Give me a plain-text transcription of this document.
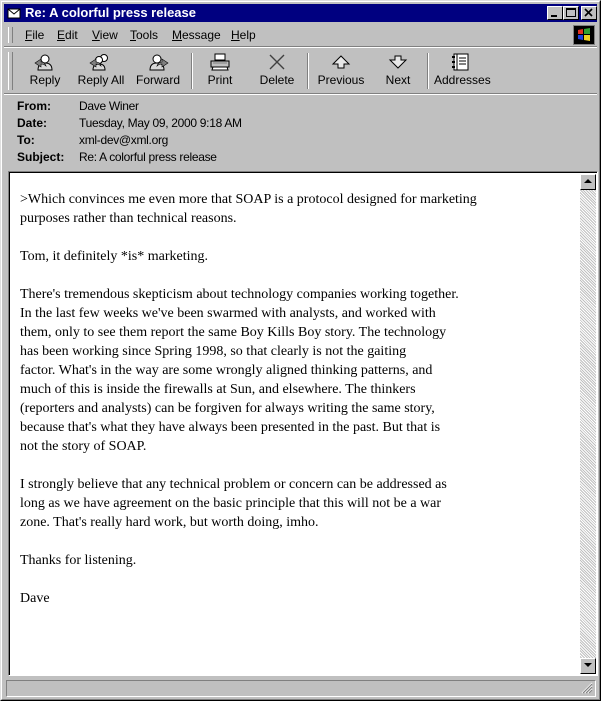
Re: A colorful press release
File Edit View Tools Message Help
Reply	Reply All Forward	Print	Delete	Previous	Next	Addresses
From: Dave Winer
Date:	Tuesday, May 09, 2000 9:18 AM
To:	xml-dev@xml.org
Subject: Re: A colorful press release
>Which convinces me even more that SOAP is a protocol designed for marketing
purposes rather than technical reasons.

Tom, it definitely *is* marketing.

There's tremendous skepticism about technology companies working together.
In the last few weeks we've been swarmed with analysts, and worked with
them, only to see them report the same Boy Kills Boy story. The technology
has been working since Spring 1998, so that clearly is not the gaiting
factor. What's in the way are some wrongly aligned thinking patterns, and
much of this is inside the firewalls at Sun, and elsewhere. The thinkers
(reporters and analysts) can be forgiven for always writing the same story,
because that's what they have always been presented in the past. But that is
not the story of SOAP.

I strongly believe that any technical problem or concern can be addressed as
long as we have agreement on the basic principle that this will not be a war
zone. That's really hard work, but worth doing, imho.

Thanks for listening.

Dave
